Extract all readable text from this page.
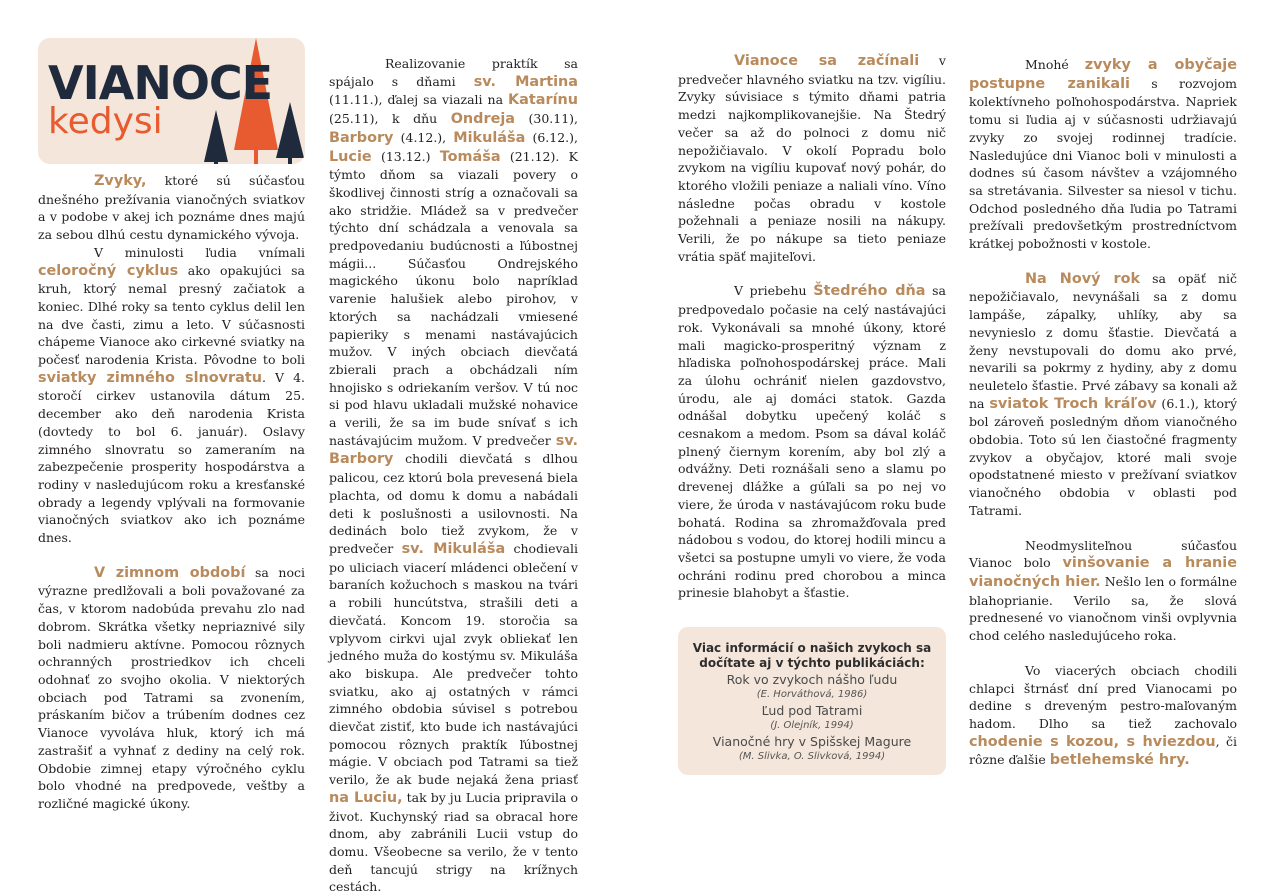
VIANOCE
kedysi

Zvyky, ktoré sú súčasťou dnešného prežívania vianočných sviatkov a v podobe v akej ich poznáme dnes majú za sebou dlhú cestu dynamického vývoja.

V minulosti ľudia vnímali celoročný cyklus ako opakujúci sa kruh, ktorý nemal presný začiatok a koniec. Dlhé roky sa tento cyklus delil len na dve časti, zimu a leto. V súčasnosti chápeme Vianoce ako cirkevné sviatky na počesť narodenia Krista. Pôvodne to boli sviatky zimného slnovratu. V 4. storočí cirkev ustanovila dátum 25. december ako deň narodenia Krista (dovtedy to bol 6. január). Oslavy zimného slnovratu so zameraním na zabezpečenie prosperity hospodárstva a rodiny v nasledujúcom roku a kresťanské obrady a legendy vplývali na formovanie vianočných sviatkov ako ich poznáme dnes.

V zimnom období sa noci výrazne predlžovali a boli považované za čas, v ktorom nadobúda prevahu zlo nad dobrom. Skrátka všetky nepriaznivé sily boli nadmieru aktívne. Pomocou rôznych ochranných prostriedkov ich chceli odohnať zo svojho okolia. V niektorých obciach pod Tatrami sa zvonením, práskaním bičov a trúbením dodnes cez Vianoce vyvoláva hluk, ktorý ich má zastrašiť a vyhnať z dediny na celý rok. Obdobie zimnej etapy výročného cyklu bolo vhodné na predpovede, veštby a rozličné magické úkony.

Realizovanie praktík sa spájalo s dňami sv. Martina (11.11.), ďalej sa viazali na Katarínu (25.11), k dňu Ondreja (30.11), Barbory (4.12.), Mikuláša (6.12.), Lucie (13.12.) Tomáša (21.12). K týmto dňom sa viazali povery o škodlivej činnosti stríg a označovali sa ako stridžie. Mládež sa v predvečer týchto dní schádzala a venovala sa predpovedaniu budúcnosti a ľúbostnej mágii... Súčasťou Ondrejského magického úkonu bolo napríklad varenie halušiek alebo pirohov, v ktorých sa nachádzali vmiesené papieriky s menami nastávajúcich mužov. V iných obciach dievčatá zbierali prach a obchádzali ním hnojisko s odriekaním veršov. V tú noc si pod hlavu ukladali mužské nohavice a verili, že sa im bude snívať s ich nastávajúcim mužom. V predvečer sv. Barbory chodili dievčatá s dlhou palicou, cez ktorú bola prevesená biela plachta, od domu k domu a nabádali deti k poslušnosti a usilovnosti. Na dedinách bolo tiež zvykom, že v predvečer sv. Mikuláša chodievali po uliciach viacerí mládenci oblečení v baraních kožuchoch s maskou na tvári a robili huncútstva, strašili deti a dievčatá. Koncom 19. storočia sa vplyvom cirkvi ujal zvyk obliekať len jedného muža do kostýmu sv. Mikuláša ako biskupa. Ale predvečer tohto sviatku, ako aj ostatných v rámci zimného obdobia súvisel s potrebou dievčat zistiť, kto bude ich nastávajúci pomocou rôznych praktík ľúbostnej mágie. V obciach pod Tatrami sa tiež verilo, že ak bude nejaká žena priasť na Luciu, tak by ju Lucia pripravila o život. Kuchynský riad sa obracal hore dnom, aby zabránili Lucii vstup do domu. Všeobecne sa verilo, že v tento deň tancujú strigy na krížnych cestách.

Vianoce sa začínali v predvečer hlavného sviatku na tzv. vigíliu. Zvyky súvisiace s týmito dňami patria medzi najkomplikovanejšie. Na Štedrý večer sa až do polnoci z domu nič nepožičiavalo. V okolí Popradu bolo zvykom na vigíliu kupovať nový pohár, do ktorého vložili peniaze a naliali víno. Víno následne počas obradu v kostole požehnali a peniaze nosili na nákupy. Verili, že po nákupe sa tieto peniaze vrátia späť majiteľovi.

V priebehu Štedrého dňa sa predpovedalo počasie na celý nastávajúci rok. Vykonávali sa mnohé úkony, ktoré mali magicko-prosperitný význam z hľadiska poľnohospodárskej práce. Mali za úlohu ochrániť nielen gazdovstvo, úrodu, ale aj domáci statok. Gazda odnášal dobytku upečený koláč s cesnakom a medom. Psom sa dával koláč plnený čiernym korením, aby bol zlý a odvážny. Deti roznášali seno a slamu po drevenej dlážke a gúľali sa po nej vo viere, že úroda v nastávajúcom roku bude bohatá. Rodina sa zhromažďovala pred nádobou s vodou, do ktorej hodili mincu a všetci sa postupne umyli vo viere, že voda ochráni rodinu pred chorobou a minca prinesie blahobyt a šťastie.

Viac informácií o našich zvykoch sa dočítate aj v týchto publikáciách:
Rok vo zvykoch nášho ľudu
(E. Horváthová, 1986)
Ľud pod Tatrami
(J. Olejník, 1994)
Vianočné hry v Spišskej Magure
(M. Slivka, O. Slivková, 1994)

Mnohé zvyky a obyčaje postupne zanikali s rozvojom kolektívneho poľnohospodárstva. Napriek tomu si ľudia aj v súčasnosti udržiavajú zvyky zo svojej rodinnej tradície. Nasledujúce dni Vianoc boli v minulosti a dodnes sú časom návštev a vzájomného sa stretávania. Silvester sa niesol v tichu. Odchod posledného dňa ľudia po Tatrami prežívali predovšetkým prostredníctvom krátkej pobožnosti v kostole.

Na Nový rok sa opäť nič nepožičiavalo, nevynášali sa z domu lampáše, zápalky, uhlíky, aby sa nevynieslo z domu šťastie. Dievčatá a ženy nevstupovali do domu ako prvé, nevarili sa pokrmy z hydiny, aby z domu neuletelo šťastie. Prvé zábavy sa konali až na sviatok Troch kráľov (6.1.), ktorý bol zároveň posledným dňom vianočného obdobia. Toto sú len čiastočné fragmenty zvykov a obyčajov, ktoré mali svoje opodstatnené miesto v prežívaní sviatkov vianočného obdobia v oblasti pod Tatrami.

Neodmysliteľnou súčasťou Vianoc bolo vinšovanie a hranie vianočných hier. Nešlo len o formálne blahoprianie. Verilo sa, že slová prednesené vo vianočnom vinši ovplyvnia chod celého nasledujúceho roka.

Vo viacerých obciach chodili chlapci štrnásť dní pred Vianocami po dedine s dreveným pestro-maľovaným hadom. Dlho sa tiež zachovalo chodenie s kozou, s hviezdou, či rôzne ďalšie betlehemské hry.
